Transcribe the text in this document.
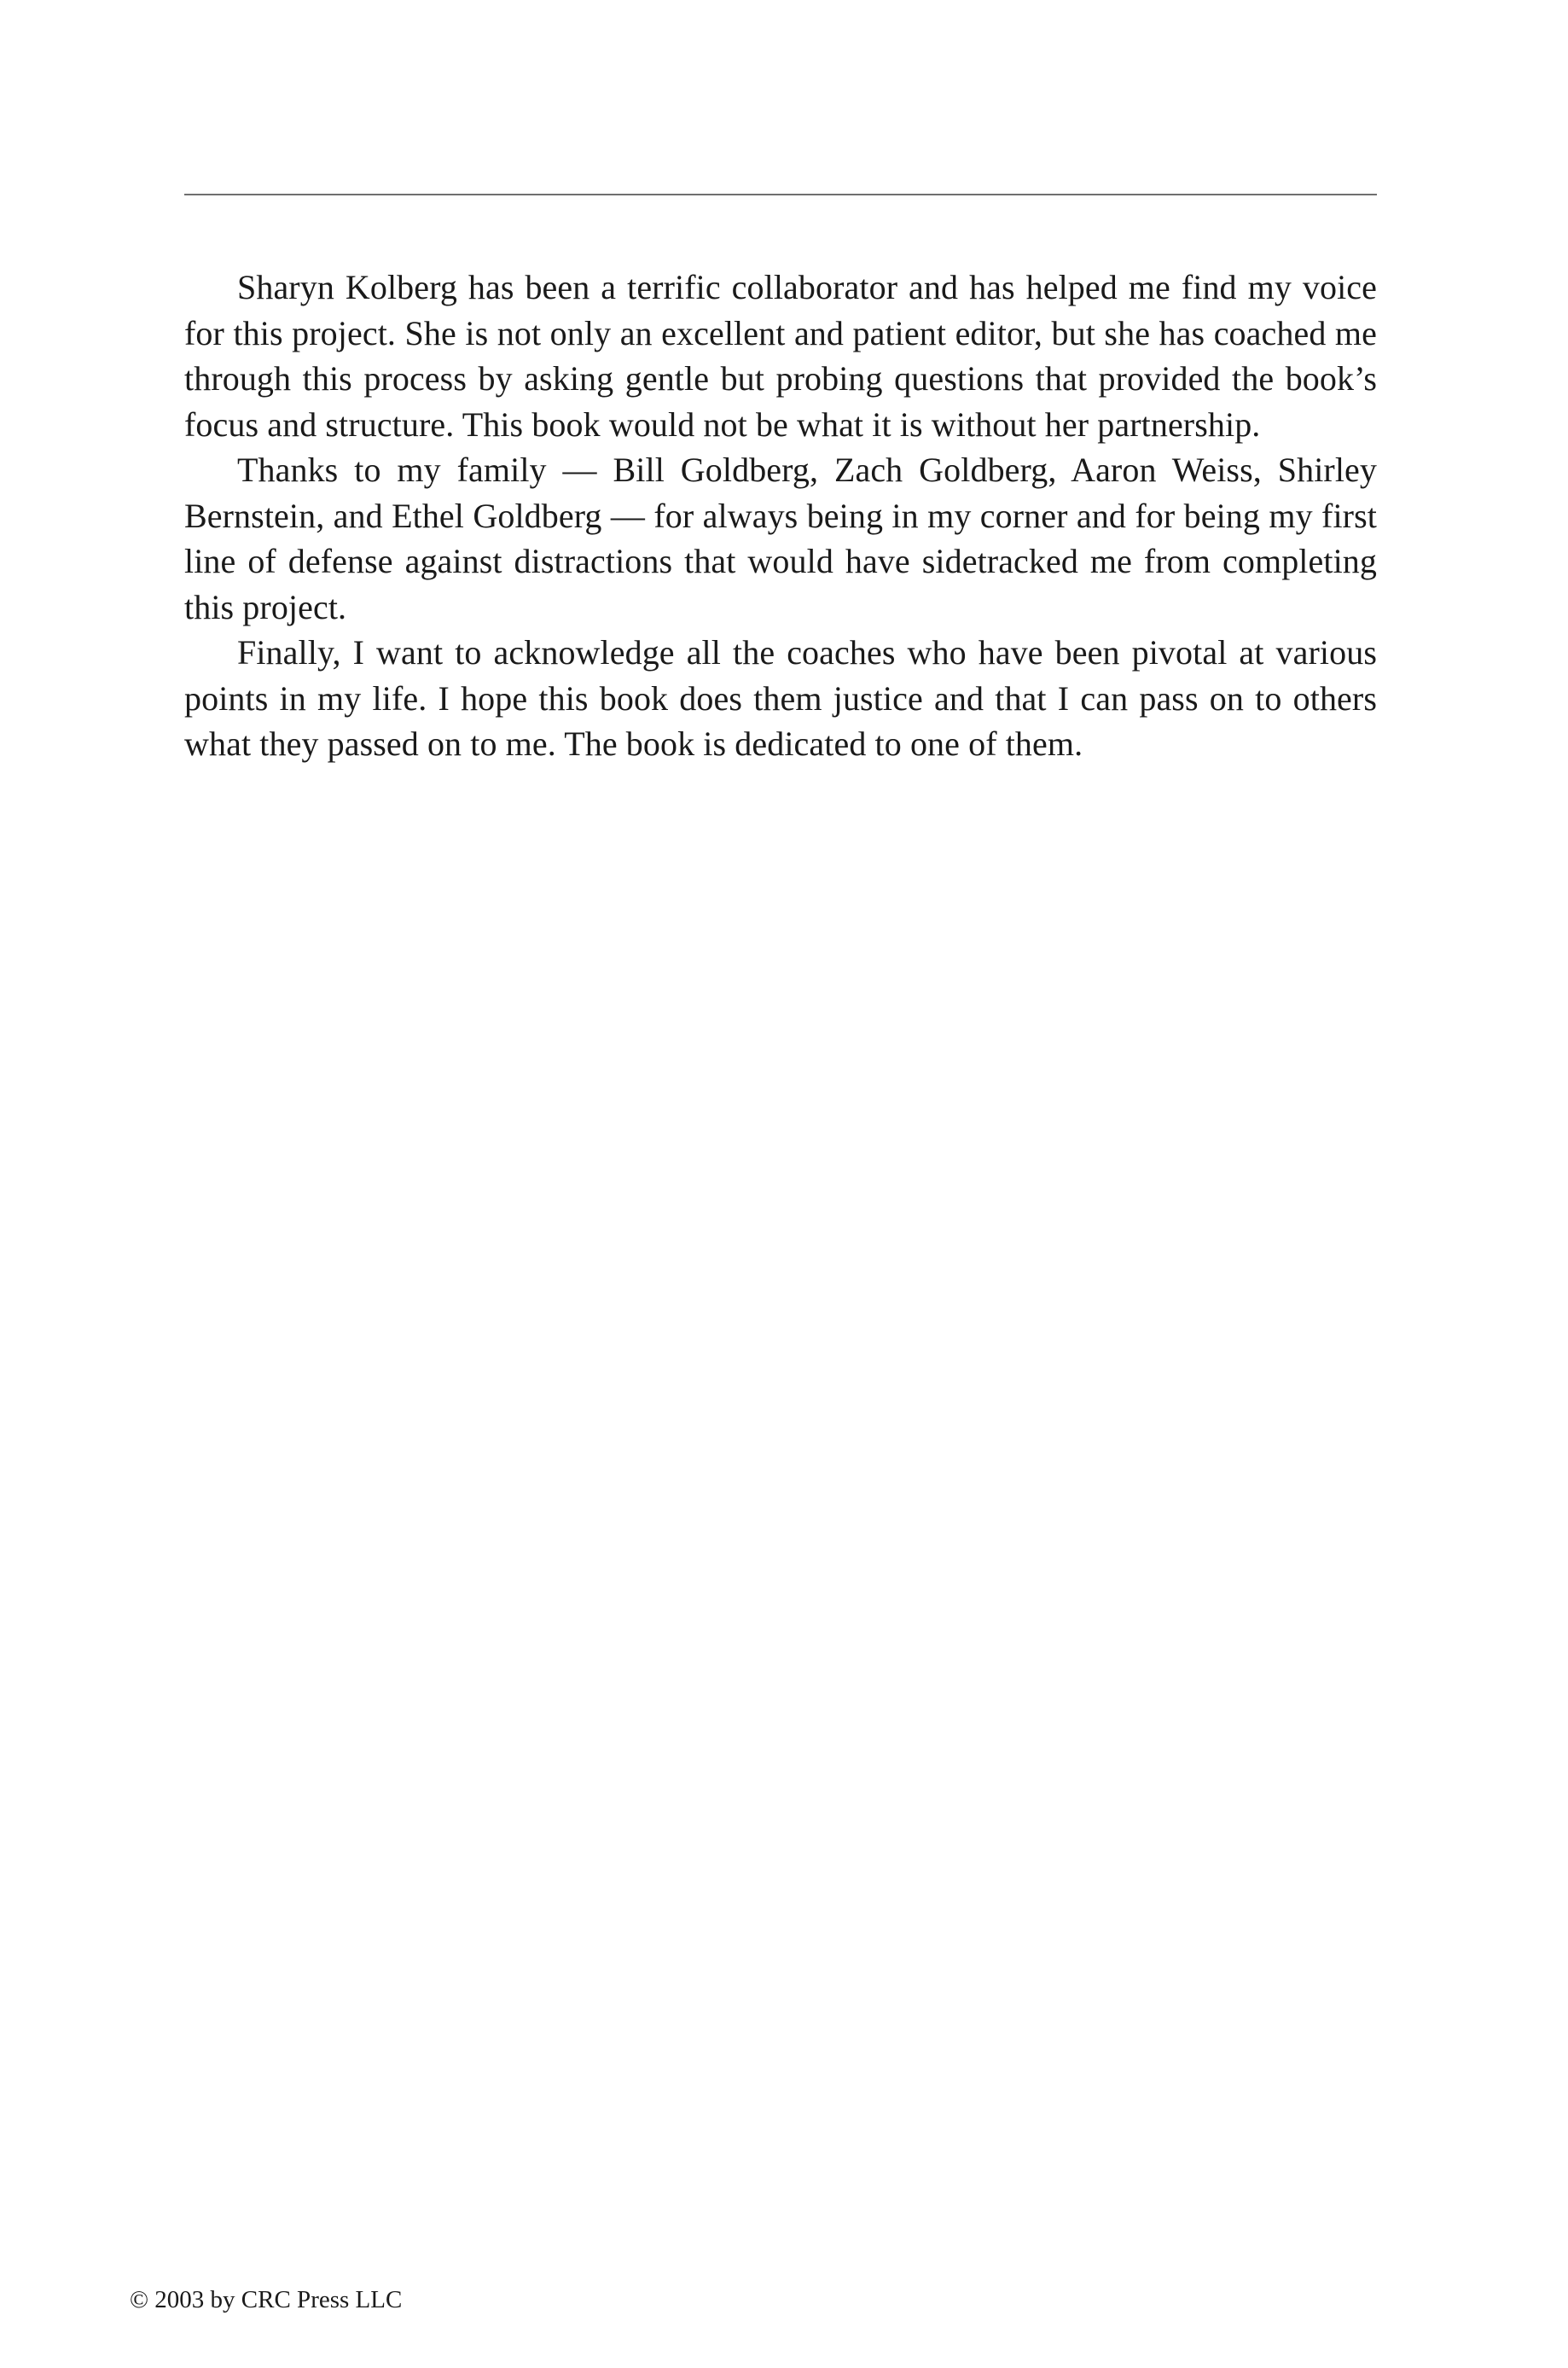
Sharyn Kolberg has been a terrific collaborator and has helped me find my voice for this project. She is not only an excellent and patient editor, but she has coached me through this process by asking gentle but probing questions that provided the book’s focus and structure. This book would not be what it is without her partnership.

Thanks to my family — Bill Goldberg, Zach Goldberg, Aaron Weiss, Shirley Bernstein, and Ethel Goldberg — for always being in my corner and for being my first line of defense against distractions that would have sidetracked me from completing this project.

Finally, I want to acknowledge all the coaches who have been pivotal at various points in my life. I hope this book does them justice and that I can pass on to others what they passed on to me. The book is dedicated to one of them.

© 2003 by CRC Press LLC
